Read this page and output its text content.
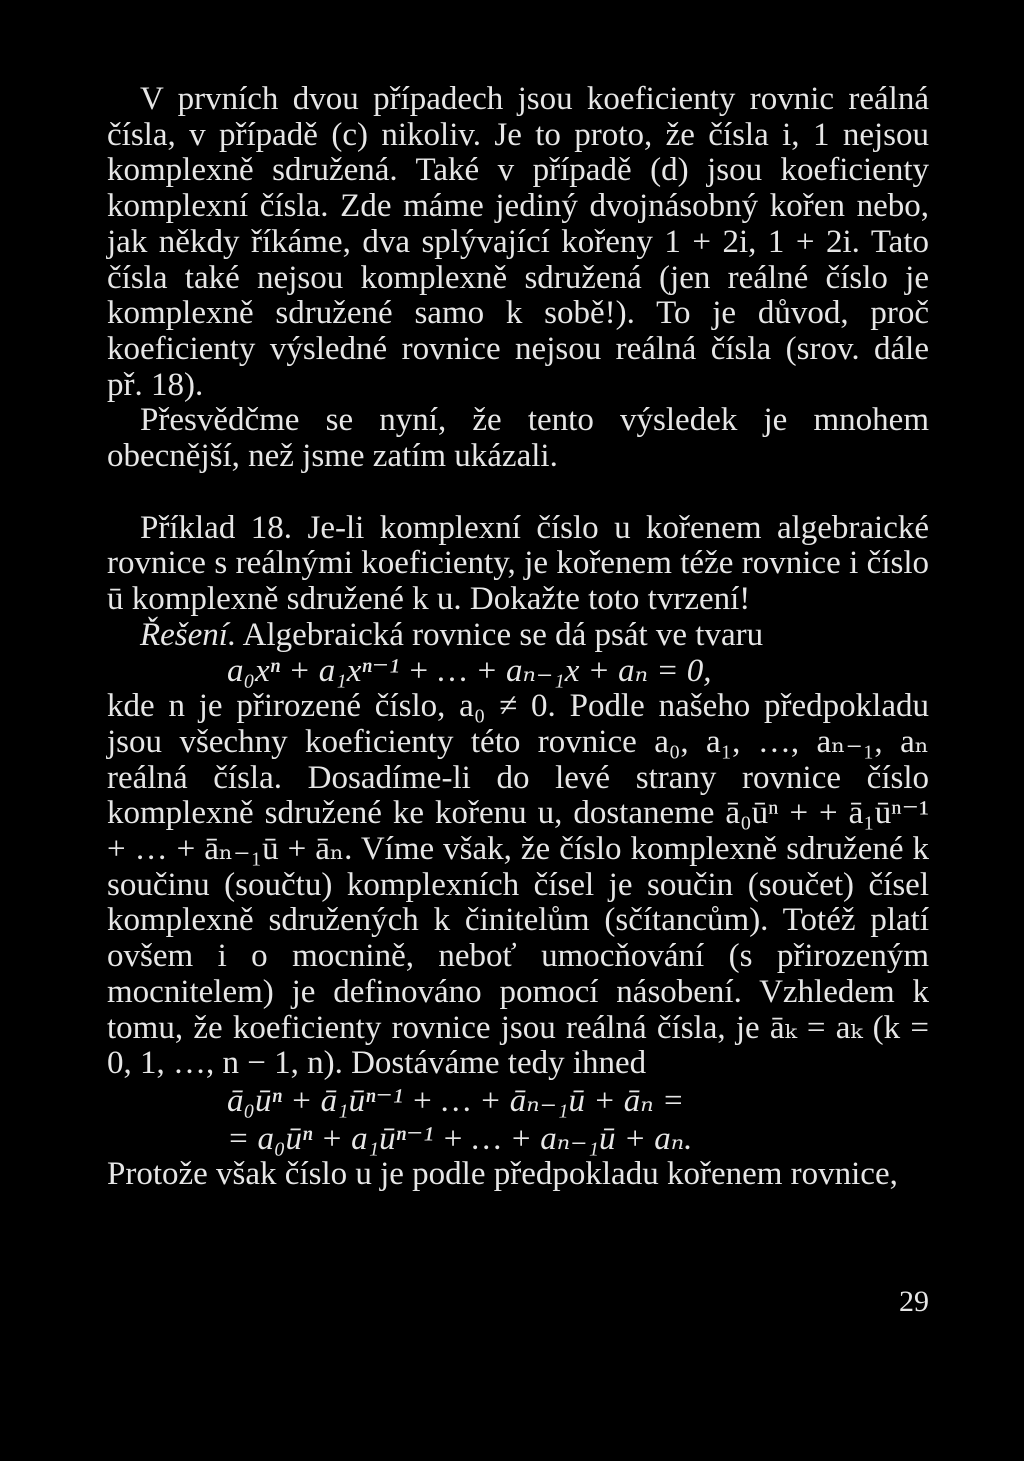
V prvních dvou případech jsou koeficienty rovnic reálná čísla, v případě (c) nikoliv. Je to proto, že čísla i, 1 nejsou komplexně sdružená. Také v případě (d) jsou koeficienty komplexní čísla. Zde máme jediný dvojnásobný kořen nebo, jak někdy říkáme, dva splývající kořeny 1 + 2i, 1 + 2i. Tato čísla také nejsou komplexně sdružená (jen reálné číslo je komplexně sdružené samo k sobě!). To je důvod, proč koeficienty výsledné rovnice nejsou reálná čísla (srov. dále př. 18).

Přesvědčme se nyní, že tento výsledek je mnohem obecnější, než jsme zatím ukázali.

Příklad 18. Je-li komplexní číslo u kořenem algebraické rovnice s reálnými koeficienty, je kořenem téže rovnice i číslo ū komplexně sdružené k u. Dokažte toto tvrzení!

Řešení. Algebraická rovnice se dá psát ve tvaru

a₀xⁿ + a₁xⁿ⁻¹ + … + aₙ₋₁x + aₙ = 0,

kde n je přirozené číslo, a₀ ≠ 0. Podle našeho předpokladu jsou všechny koeficienty této rovnice a₀, a₁, …, aₙ₋₁, aₙ reálná čísla. Dosadíme-li do levé strany rovnice číslo komplexně sdružené ke kořenu u, dostaneme ā₀ūⁿ + + ā₁ūⁿ⁻¹ + … + āₙ₋₁ū + āₙ. Víme však, že číslo komplexně sdružené k součinu (součtu) komplexních čísel je součin (součet) čísel komplexně sdružených k činitelům (sčítancům). Totéž platí ovšem i o mocnině, neboť umocňování (s přirozeným mocnitelem) je definováno pomocí násobení. Vzhledem k tomu, že koeficienty rovnice jsou reálná čísla, je āₖ = aₖ (k = 0, 1, …, n − 1, n). Dostáváme tedy ihned

ā₀ūⁿ + ā₁ūⁿ⁻¹ + … + āₙ₋₁ū + āₙ =
= a₀ūⁿ + a₁ūⁿ⁻¹ + … + aₙ₋₁ū + aₙ.

Protože však číslo u je podle předpokladu kořenem rovnice,

29
